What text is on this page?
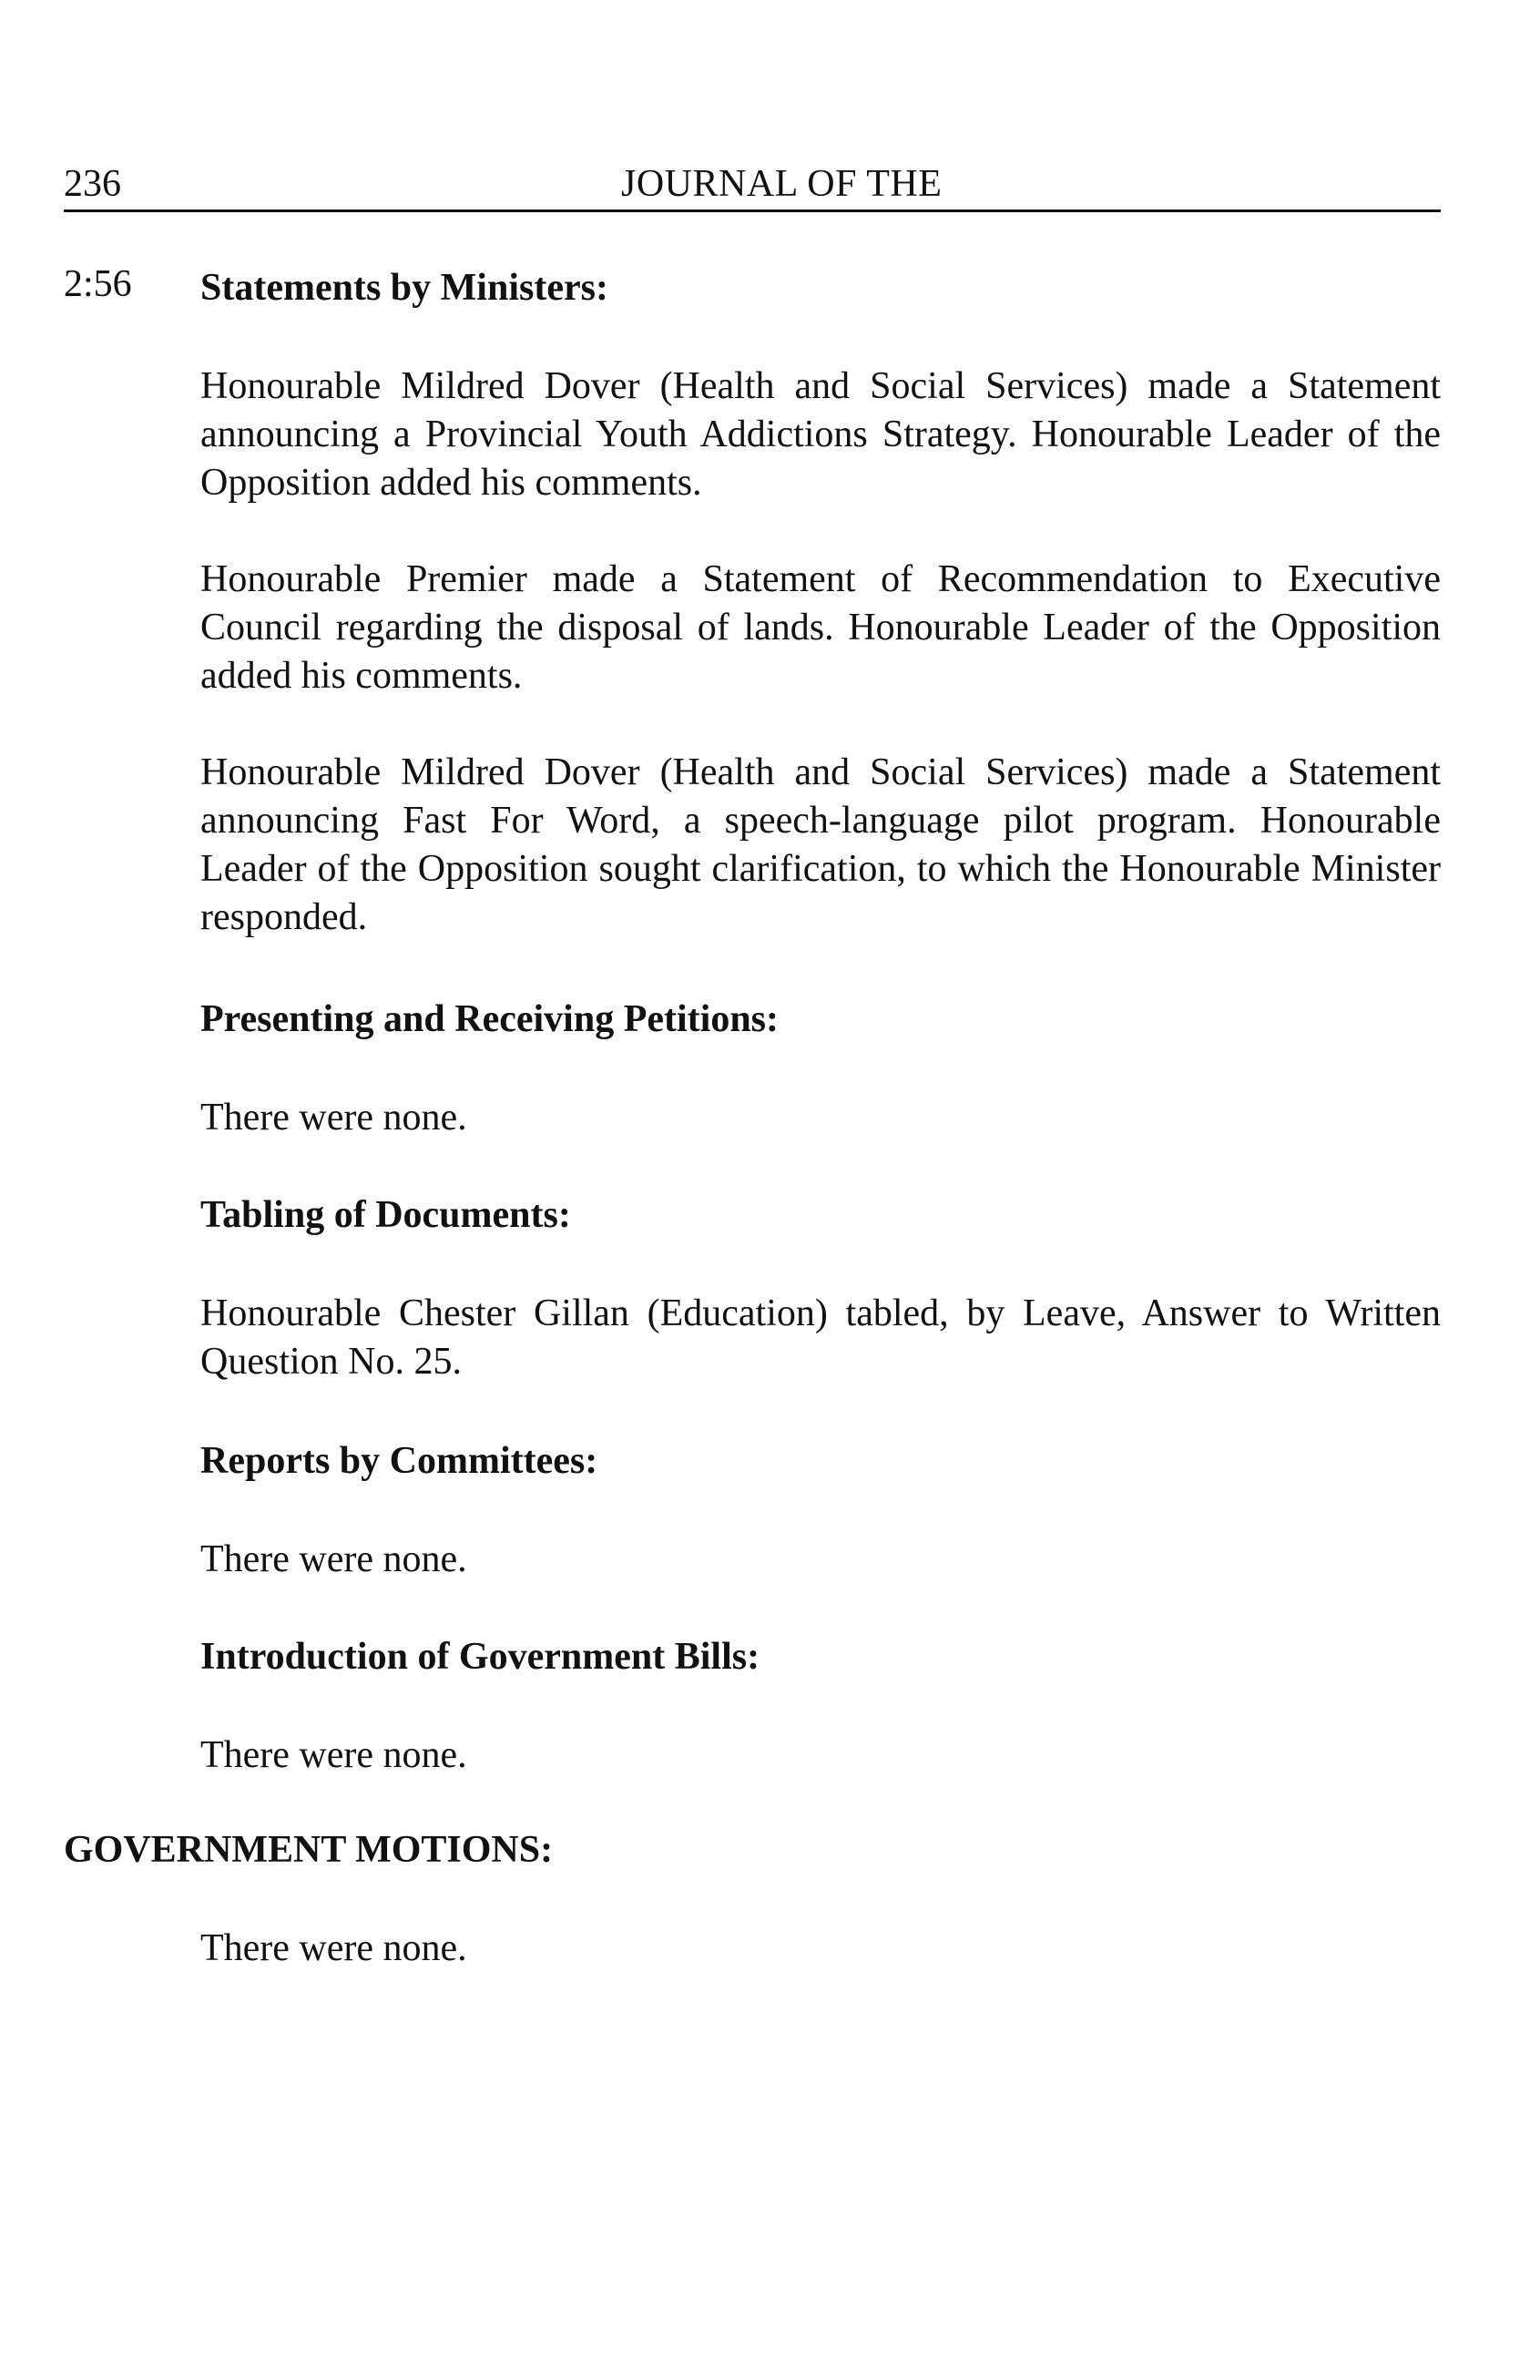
236	JOURNAL OF THE
2:56 Statements by Ministers:

Honourable Mildred Dover (Health and Social Services) made a Statement announcing a Provincial Youth Addictions Strategy. Honourable Leader of the Opposition added his comments.

Honourable Premier made a Statement of Recommendation to Executive Council regarding the disposal of lands. Honourable Leader of the Opposition added his comments.

Honourable Mildred Dover (Health and Social Services) made a Statement announcing Fast For Word, a speech-language pilot program. Honourable Leader of the Opposition sought clarification, to which the Honourable Minister responded.

Presenting and Receiving Petitions:

There were none.

Tabling of Documents:

Honourable Chester Gillan (Education) tabled, by Leave, Answer to Written Question No. 25.

Reports by Committees:

There were none.

Introduction of Government Bills:

There were none.

GOVERNMENT MOTIONS:

There were none.
